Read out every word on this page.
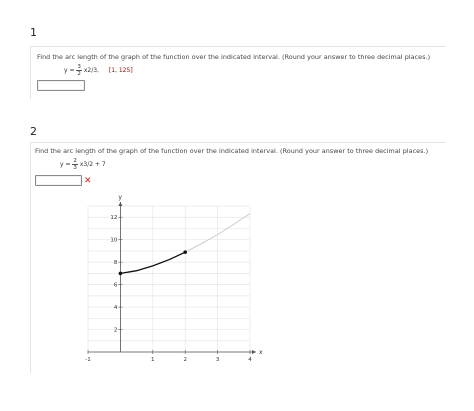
1
Find the arc length of the graph of the function over the indicated interval. (Round your answer to three decimal places.)
$y = \frac{3}{2} x2/3$, [1, 125]
2
Find the arc length of the graph of the function over the indicated interval. (Round your answer to three decimal places.)
$y = \frac{2}{3} x3/2 + 7$
✕
x
y
-1	1	2	3	4
2
4
6
8
10
12
